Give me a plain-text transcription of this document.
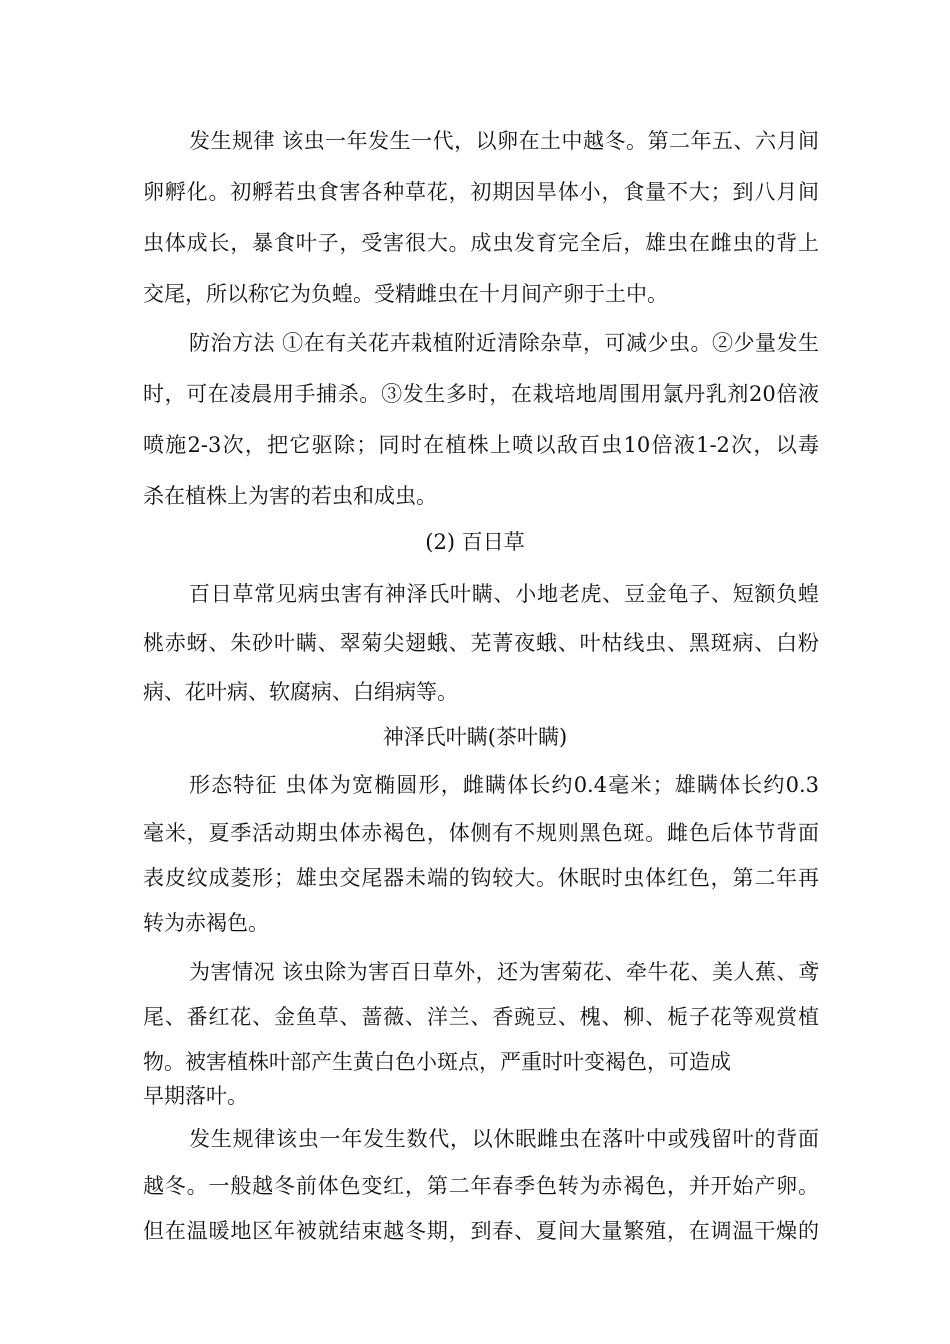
发生规律 该虫一年发生一代，以卵在土中越冬。第二年五、六月间
卵孵化。初孵若虫食害各种草花，初期因旱体小，食量不大；到八月间
虫体成长，暴食叶子，受害很大。成虫发育完全后，雄虫在雌虫的背上
交尾，所以称它为负蝗。受精雌虫在十月间产卵于土中。
防治方法 ①在有关花卉栽植附近清除杂草，可减少虫。②少量发生
时，可在凌晨用手捕杀。③发生多时，在栽培地周围用氯丹乳剂20倍液
喷施2-3次，把它驱除；同时在植株上喷以敌百虫10倍液1-2次，以毒
杀在植株上为害的若虫和成虫。
(2) 百日草
百日草常见病虫害有神泽氏叶瞒、小地老虎、豆金龟子、短额负蝗
桃赤蚜、朱砂叶瞒、翠菊尖翅蛾、芜菁夜蛾、叶枯线虫、黑斑病、白粉
病、花叶病、软腐病、白绢病等。
神泽氏叶瞒(茶叶瞒)
形态特征 虫体为宽椭圆形，雌瞒体长约0.4毫米；雄瞒体长约0.3
毫米，夏季活动期虫体赤褐色，体侧有不规则黑色斑。雌色后体节背面
表皮纹成菱形；雄虫交尾器未端的钩较大。休眠时虫体红色，第二年再
转为赤褐色。
为害情况 该虫除为害百日草外，还为害菊花、牵牛花、美人蕉、鸢
尾、番红花、金鱼草、蔷薇、洋兰、香豌豆、槐、柳、栀子花等观赏植
物。被害植株叶部产生黄白色小斑点，严重时叶变褐色，可造成
早期落叶。
发生规律该虫一年发生数代，以休眠雌虫在落叶中或残留叶的背面
越冬。一般越冬前体色变红，第二年春季色转为赤褐色，并开始产卵。
但在温暖地区年被就结束越冬期，到春、夏间大量繁殖，在调温干燥的
